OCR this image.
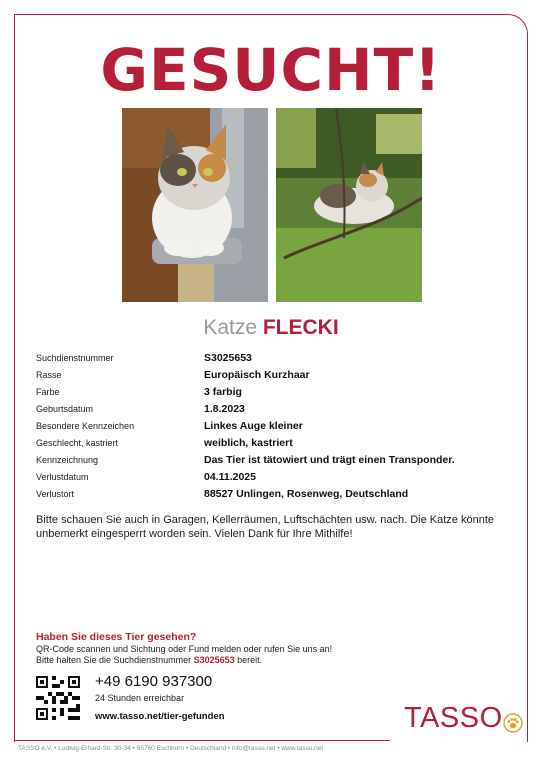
GESUCHT!
Katze FLECKI
Suchdienstnummer	S3025653
Rasse	Europäisch Kurzhaar
Farbe	3 farbig
Geburtsdatum	1.8.2023
Besondere Kennzeichen	Linkes Auge kleiner
Geschlecht, kastriert	weiblich, kastriert
Kennzeichnung	Das Tier ist tätowiert und trägt einen Transponder.
Verlustdatum	04.11.2025
Verlustort	88527 Unlingen, Rosenweg, Deutschland
Bitte schauen Sie auch in Garagen, Kellerräumen, Luftschächten usw. nach. Die Katze könnte
unbemerkt eingesperrt worden sein. Vielen Dank für Ihre Mithilfe!
Haben Sie dieses Tier gesehen?
QR-Code scannen und Sichtung oder Fund melden oder rufen Sie uns an!
Bitte halten Sie die Suchdienstnummer S3025653 bereit.
+49 6190 937300
24 Stunden erreichbar
www.tasso.net/tier-gefunden	TASSO
TASSO e.V. • Ludwig-Erhard-Str. 30-34 • 65760 Eschborn • Deutschland • info@tasso.net • www.tasso.net
